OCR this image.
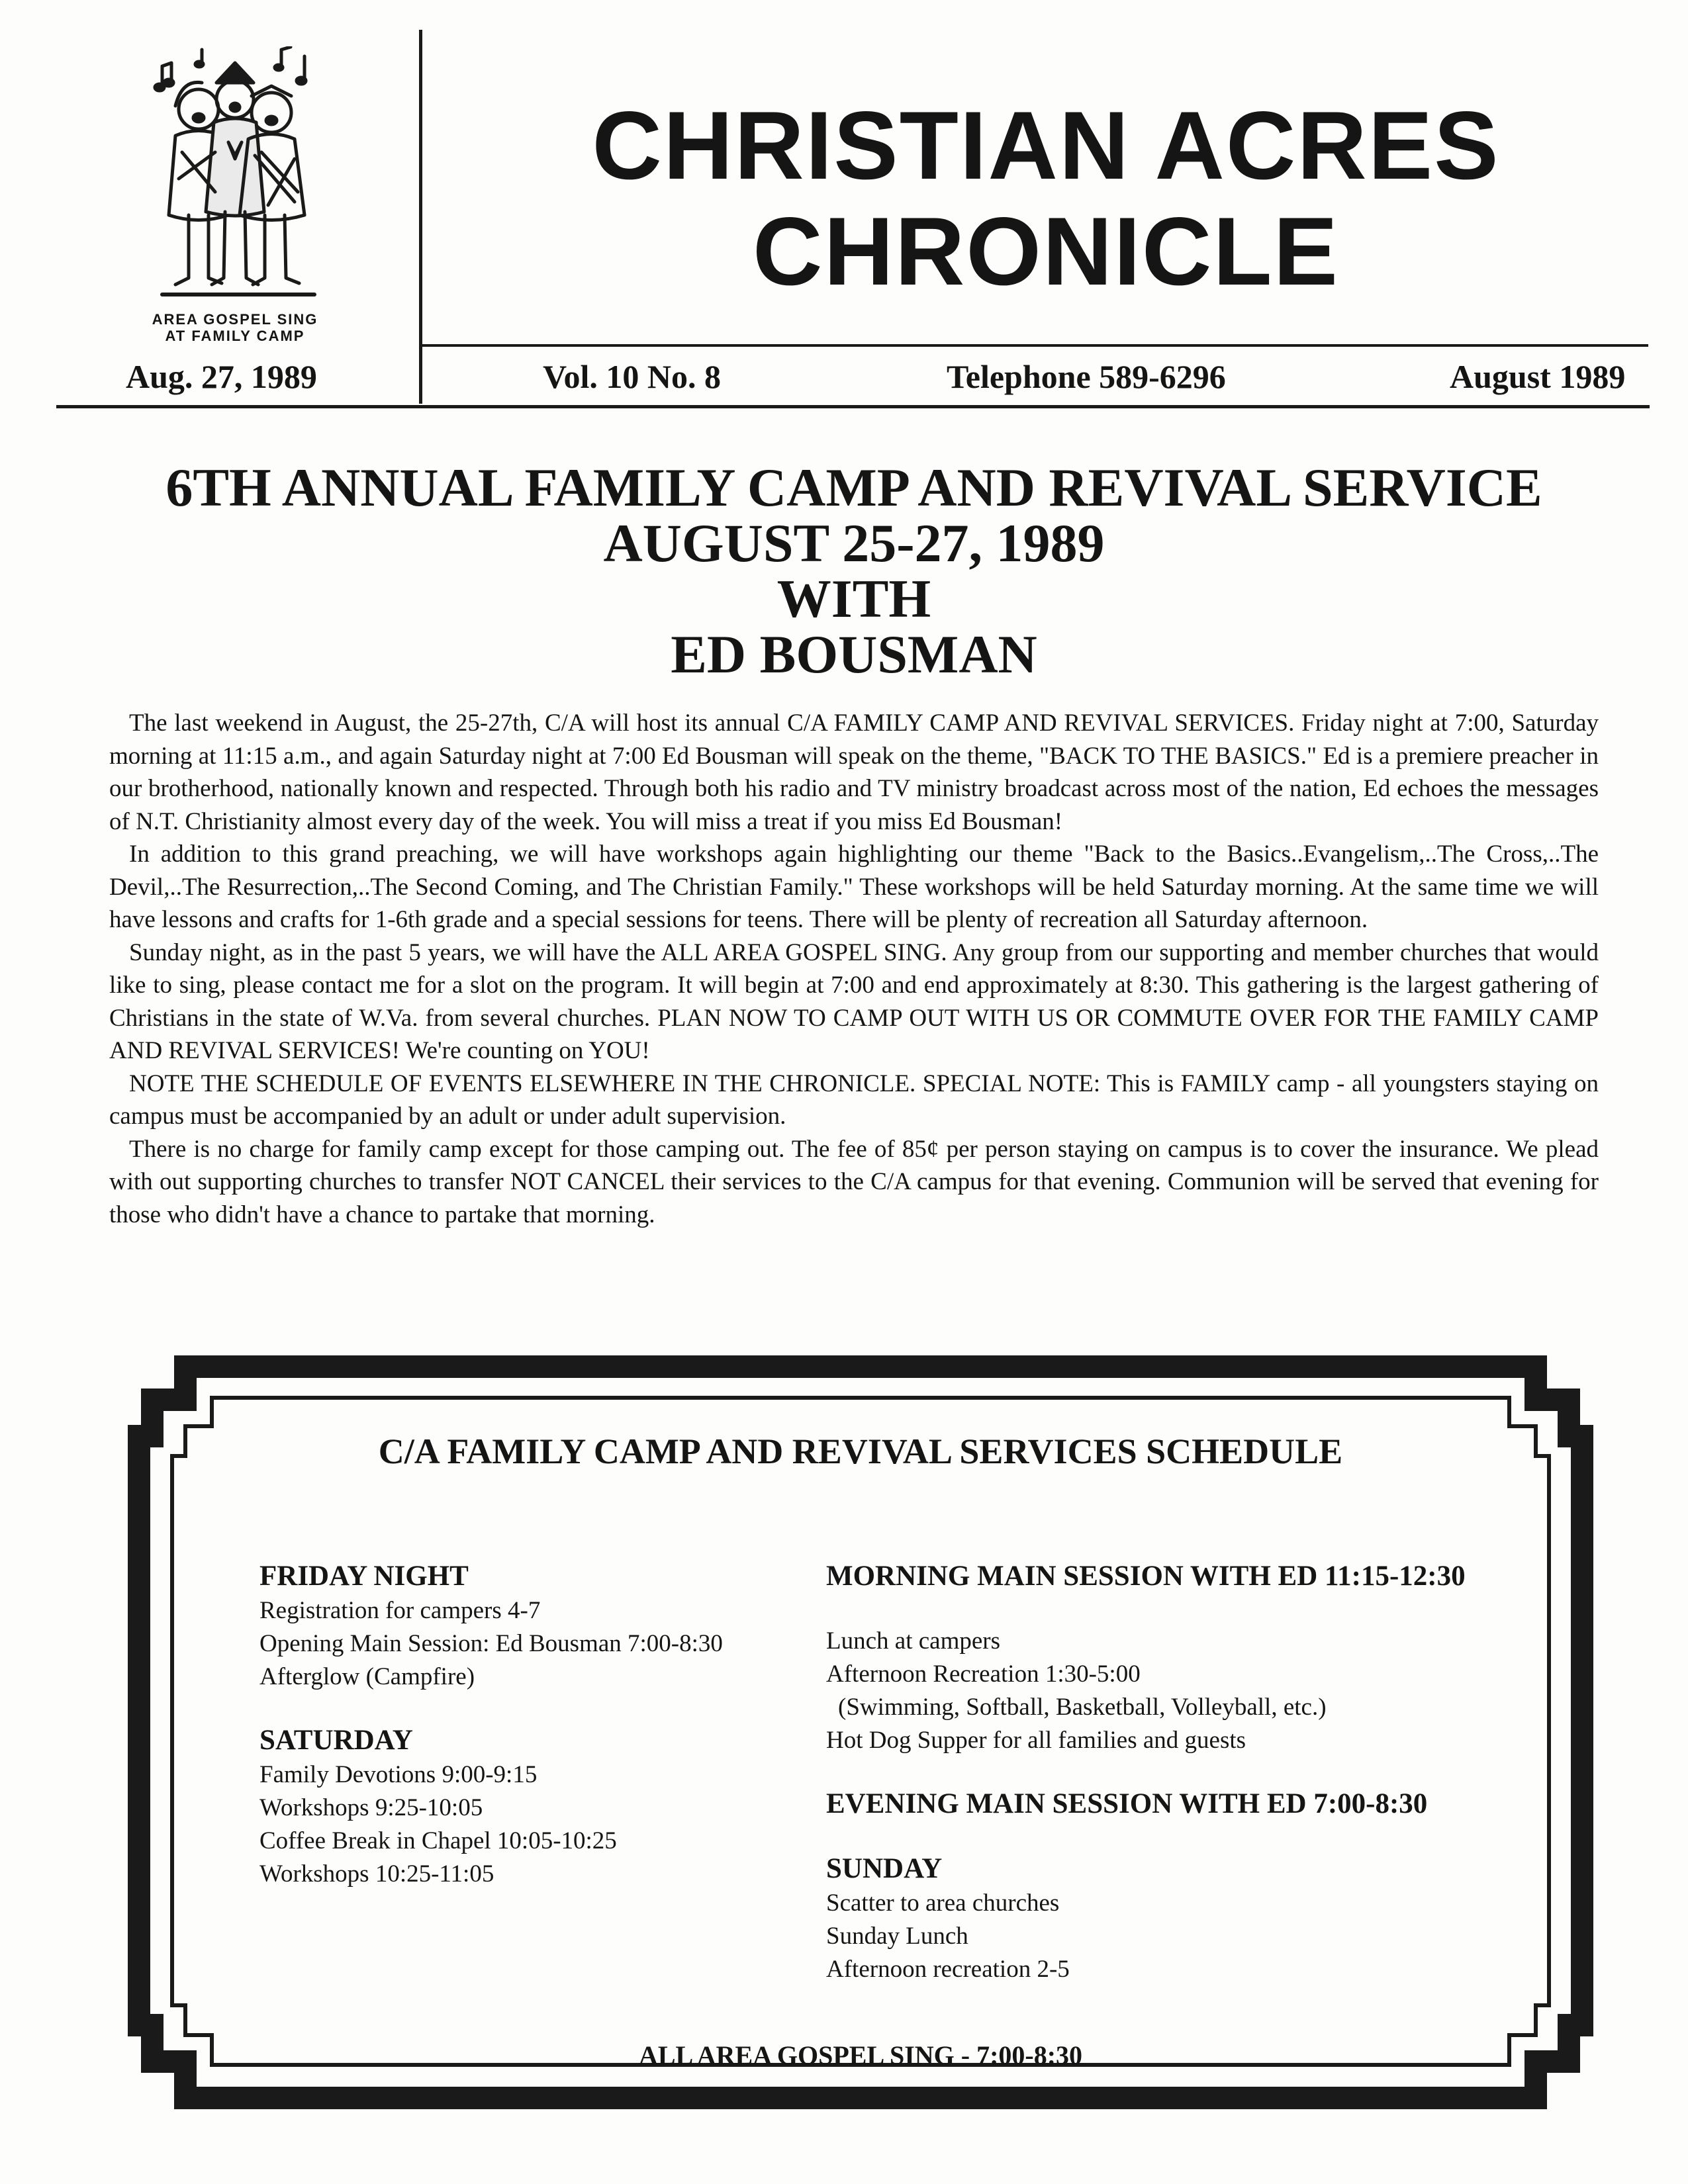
AREA GOSPEL SING
AT FAMILY CAMP
CHRISTIAN ACRES
CHRONICLE
Aug. 27, 1989	Vol. 10 No. 8	Telephone 589-6296	August 1989
6TH ANNUAL FAMILY CAMP AND REVIVAL SERVICE
AUGUST 25-27, 1989
WITH
ED BOUSMAN

The last weekend in August, the 25-27th, C/A will host its annual C/A FAMILY CAMP AND REVIVAL SERVICES. Friday night at 7:00, Saturday morning at 11:15 a.m., and again Saturday night at 7:00 Ed Bousman will speak on the theme, "BACK TO THE BASICS." Ed is a premiere preacher in our brotherhood, nationally known and respected. Through both his radio and TV ministry broadcast across most of the nation, Ed echoes the messages of N.T. Christianity almost every day of the week. You will miss a treat if you miss Ed Bousman!

In addition to this grand preaching, we will have workshops again highlighting our theme "Back to the Basics..Evangelism,..The Cross,..The Devil,..The Resurrection,..The Second Coming, and The Christian Family." These workshops will be held Saturday morning. At the same time we will have lessons and crafts for 1-6th grade and a special sessions for teens. There will be plenty of recreation all Saturday afternoon.

Sunday night, as in the past 5 years, we will have the ALL AREA GOSPEL SING. Any group from our supporting and member churches that would like to sing, please contact me for a slot on the program. It will begin at 7:00 and end approximately at 8:30. This gathering is the largest gathering of Christians in the state of W.Va. from several churches. PLAN NOW TO CAMP OUT WITH US OR COMMUTE OVER FOR THE FAMILY CAMP AND REVIVAL SERVICES! We're counting on YOU!

NOTE THE SCHEDULE OF EVENTS ELSEWHERE IN THE CHRONICLE. SPECIAL NOTE: This is FAMILY camp - all youngsters staying on campus must be accompanied by an adult or under adult supervision.

There is no charge for family camp except for those camping out. The fee of 85¢ per person staying on campus is to cover the insurance. We plead with out supporting churches to transfer NOT CANCEL their services to the C/A campus for that evening. Communion will be served that evening for those who didn't have a chance to partake that morning.

C/A FAMILY CAMP AND REVIVAL SERVICES SCHEDULE
FRIDAY NIGHT
Registration for campers 4-7
Opening Main Session: Ed Bousman 7:00-8:30
Afterglow (Campfire)
SATURDAY
Family Devotions 9:00-9:15
Workshops 9:25-10:05
Coffee Break in Chapel 10:05-10:25
Workshops 10:25-11:05
MORNING MAIN SESSION WITH ED 11:15-12:30
Lunch at campers
Afternoon Recreation 1:30-5:00
(Swimming, Softball, Basketball, Volleyball, etc.)
Hot Dog Supper for all families and guests
EVENING MAIN SESSION WITH ED 7:00-8:30
SUNDAY
Scatter to area churches
Sunday Lunch
Afternoon recreation 2-5
ALL AREA GOSPEL SING - 7:00-8:30
